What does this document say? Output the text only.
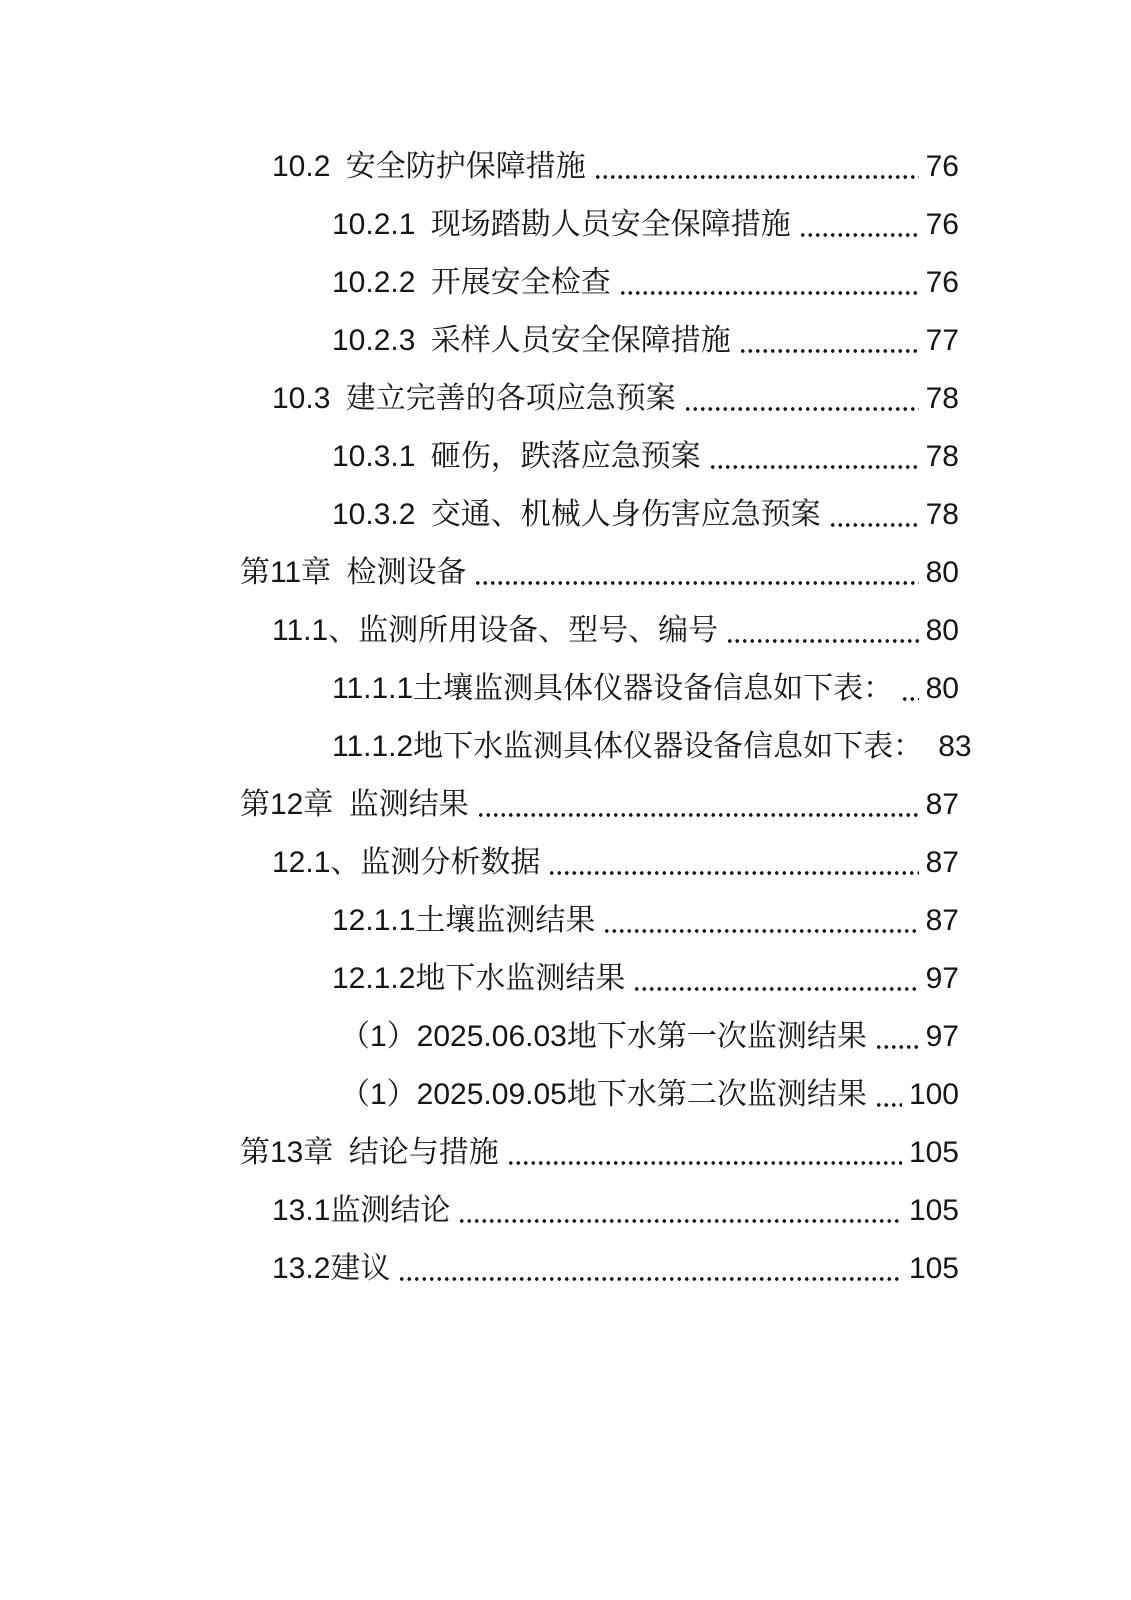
10.2 安全防护保障措施	76
10.2.1 现场踏勘人员安全保障措施	76
10.2.2 开展安全检查	76
10.2.3 采样人员安全保障措施	77
10.3 建立完善的各项应急预案	78
10.3.1 砸伤，跌落应急预案	78
10.3.2 交通、机械人身伤害应急预案	78
第11章 检测设备	80
11.1、监测所用设备、型号、编号	80
11.1.1土壤监测具体仪器设备信息如下表： 80
11.1.2地下水监测具体仪器设备信息如下表： 83
第12章 监测结果	87
12.1、监测分析数据	87
12.1.1土壤监测结果	87
12.1.2地下水监测结果	97
（1）2025.06.03地下水第一次监测结果 97
（1）2025.09.05地下水第二次监测结果 100
第13章 结论与措施	105
13.1监测结论	105
13.2建议	105
